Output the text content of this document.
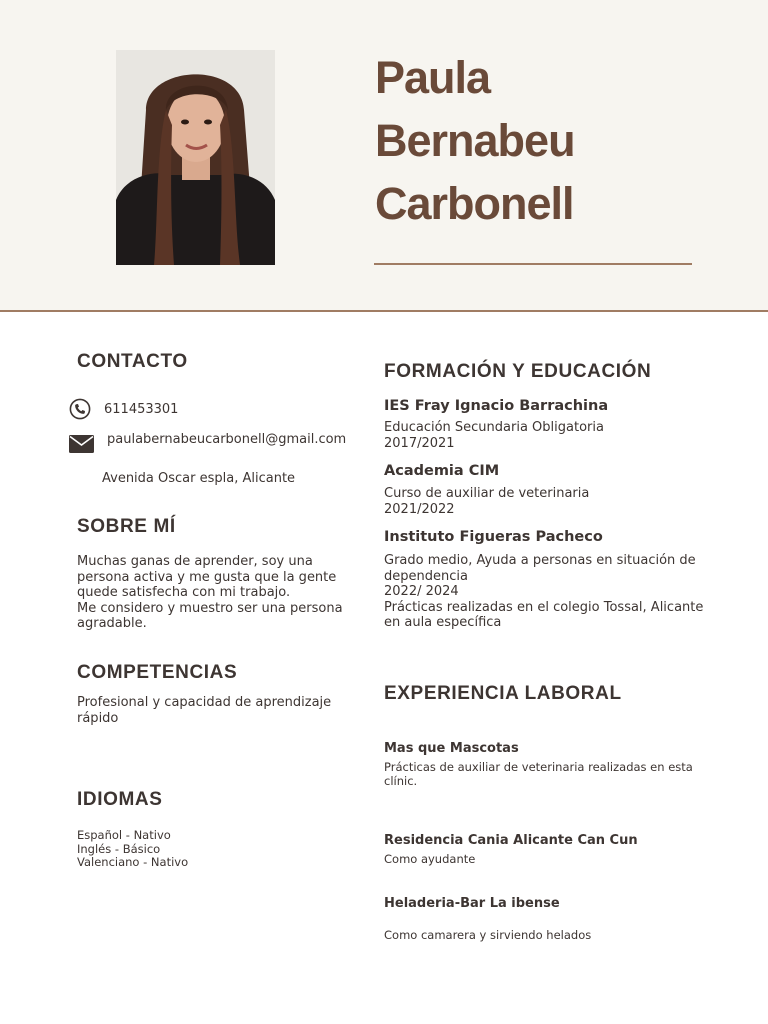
Paula
Bernabeu
Carbonell
CONTACTO
611453301
paulabernabeucarbonell@gmail.com
Avenida Oscar espla, Alicante
SOBRE MÍ
Muchas ganas de aprender, soy una
persona activa y me gusta que la gente
quede satisfecha con mi trabajo.
Me considero y muestro ser una persona
agradable.
COMPETENCIAS
Profesional y capacidad de aprendizaje
rápido
IDIOMAS
Español - Nativo
Inglés - Básico
Valenciano - Nativo
FORMACIÓN Y EDUCACIÓN
IES Fray Ignacio Barrachina
Educación Secundaria Obligatoria
2017/2021
Academia CIM
Curso de auxiliar de veterinaria
2021/2022
Instituto Figueras Pacheco
Grado medio, Ayuda a personas en situación de
dependencia
2022/ 2024
Prácticas realizadas en el colegio Tossal, Alicante
en aula específica
EXPERIENCIA LABORAL
Mas que Mascotas
Prácticas de auxiliar de veterinaria realizadas en esta
clínic.
Residencia Cania Alicante Can Cun
Como ayudante
Heladeria-Bar La ibense
Como camarera y sirviendo helados
